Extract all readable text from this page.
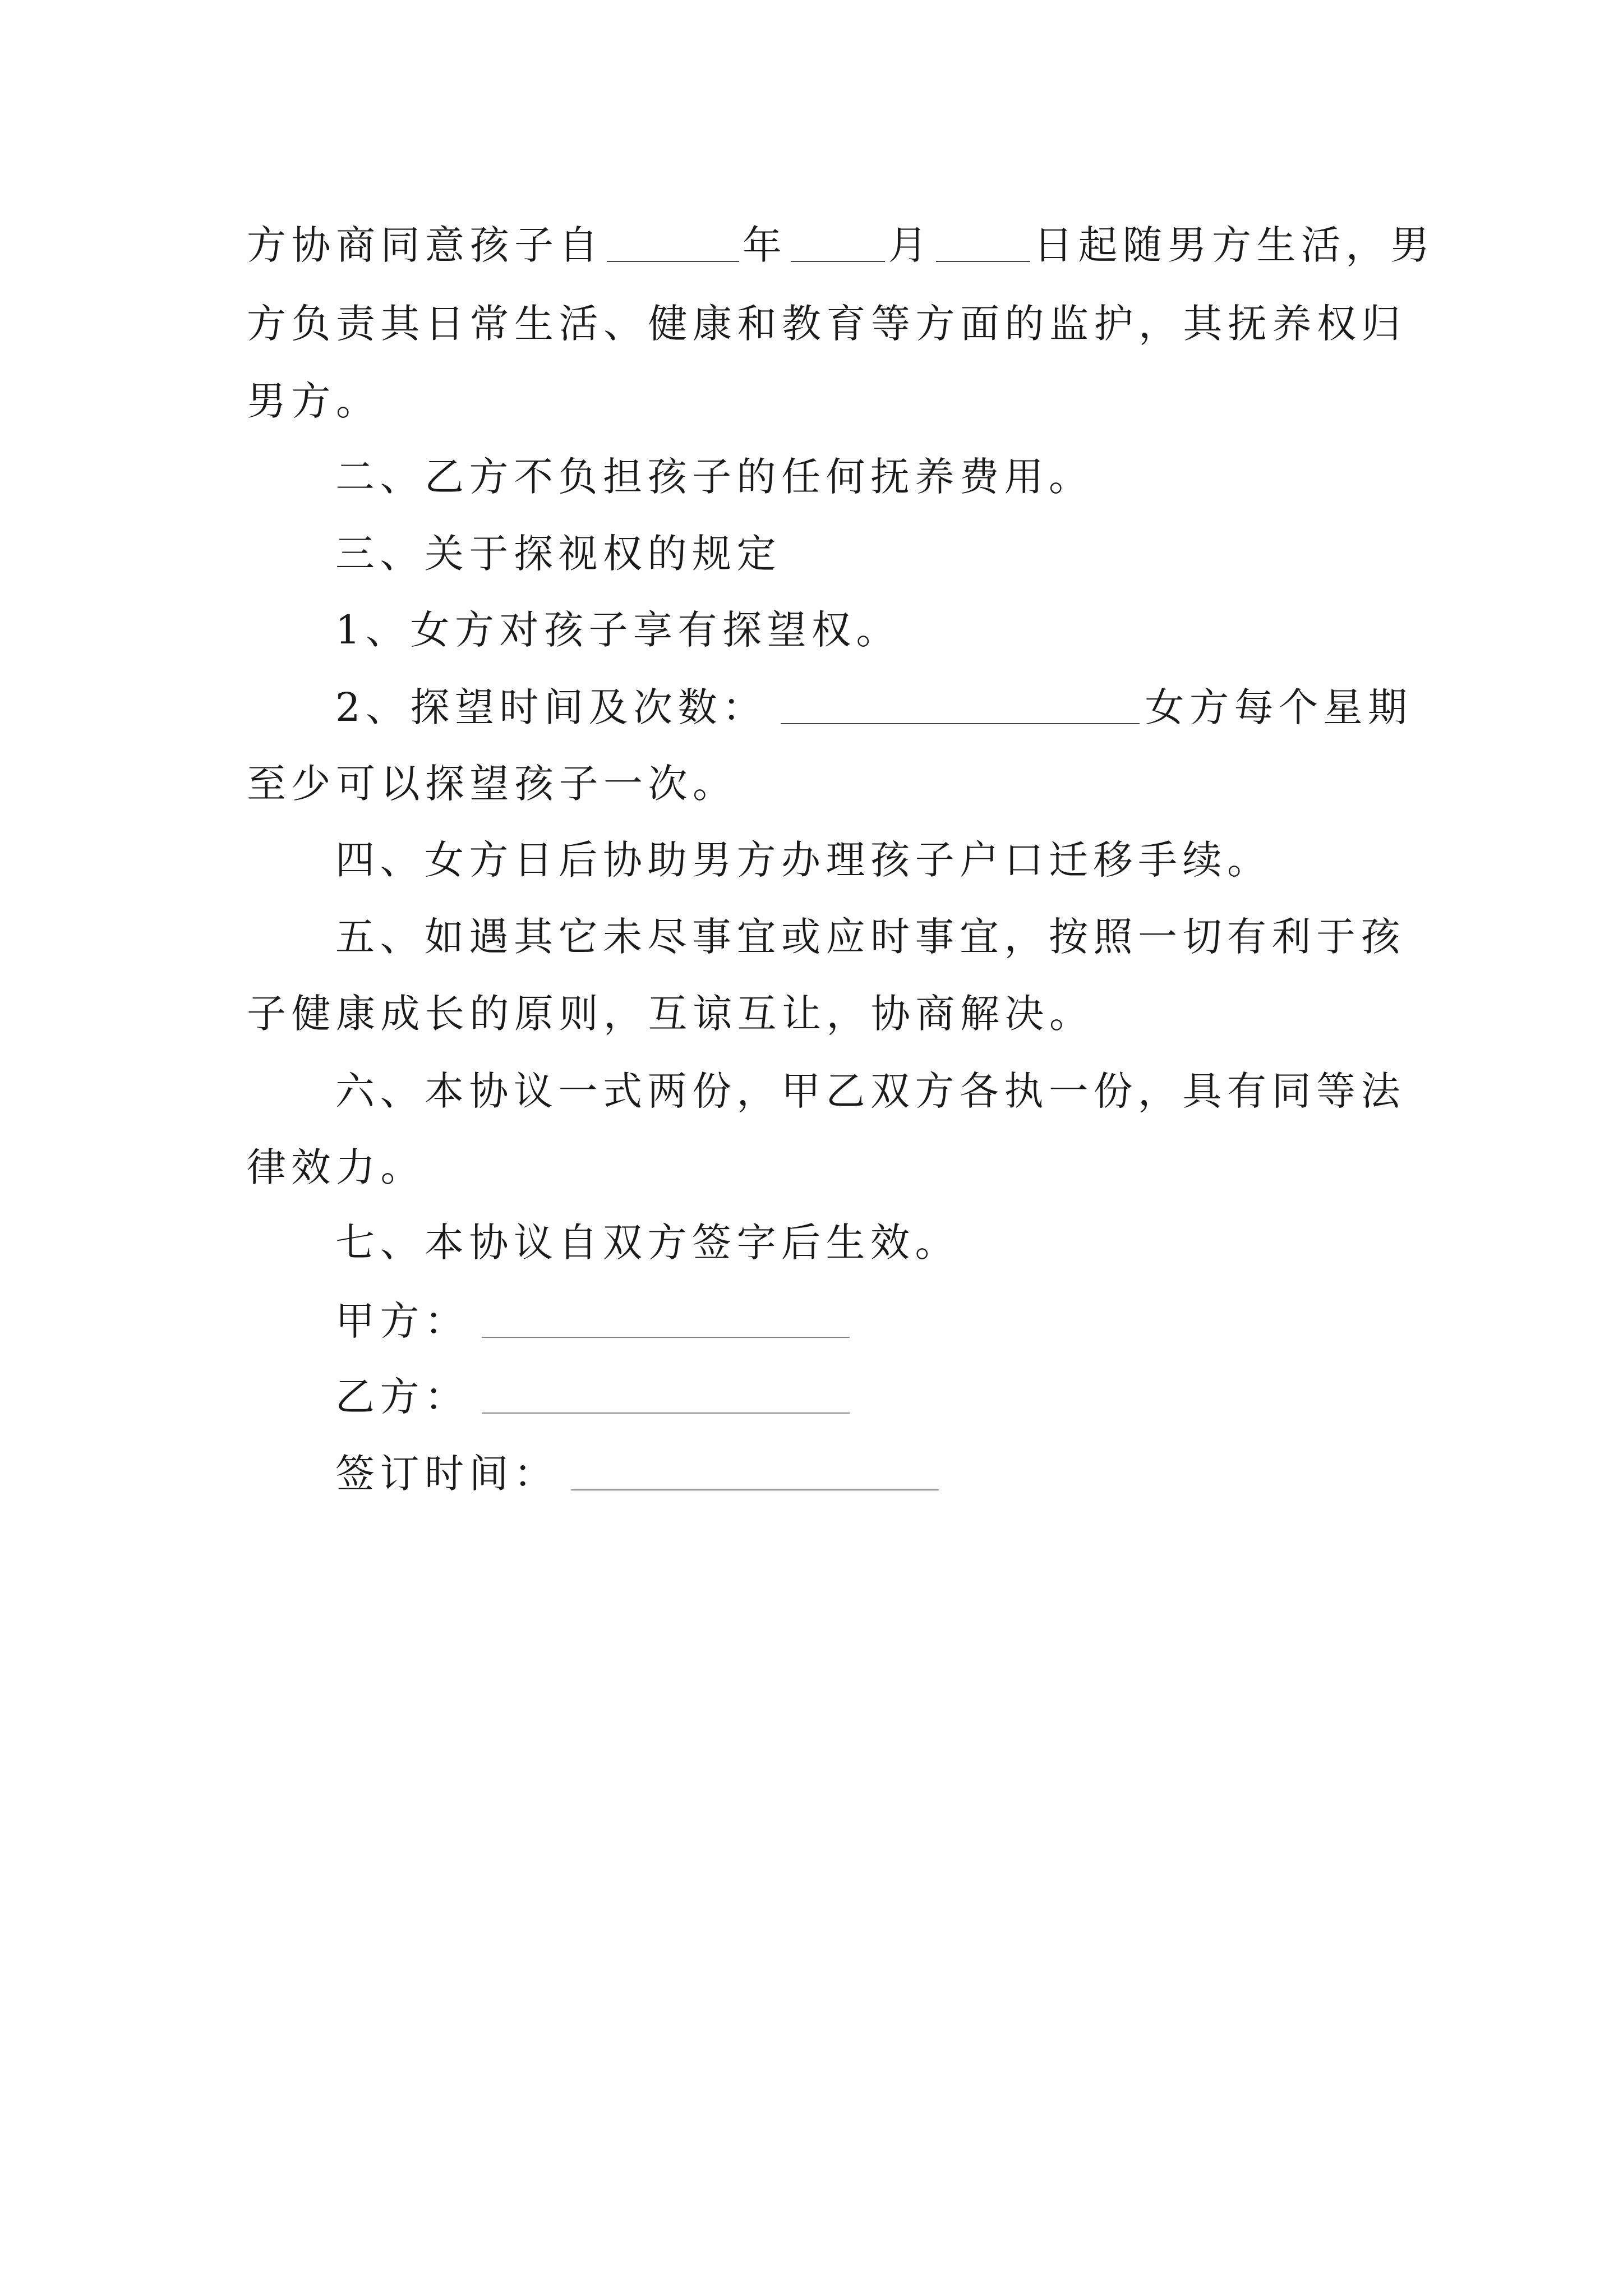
方协商同意孩子自	年	月	日起随男方生活，男
方负责其日常生活、健康和教育等方面的监护，其抚养权归
男方。
二、乙方不负担孩子的任何抚养费用。
三、关于探视权的规定
1、女方对孩子享有探望权。
2、探望时间及次数：	女方每个星期
至少可以探望孩子一次。
四、女方日后协助男方办理孩子户口迁移手续。
五、如遇其它未尽事宜或应时事宜，按照一切有利于孩
子健康成长的原则，互谅互让，协商解决。
六、本协议一式两份，甲乙双方各执一份，具有同等法
律效力。
七、本协议自双方签字后生效。
甲方：
乙方：
签订时间：
